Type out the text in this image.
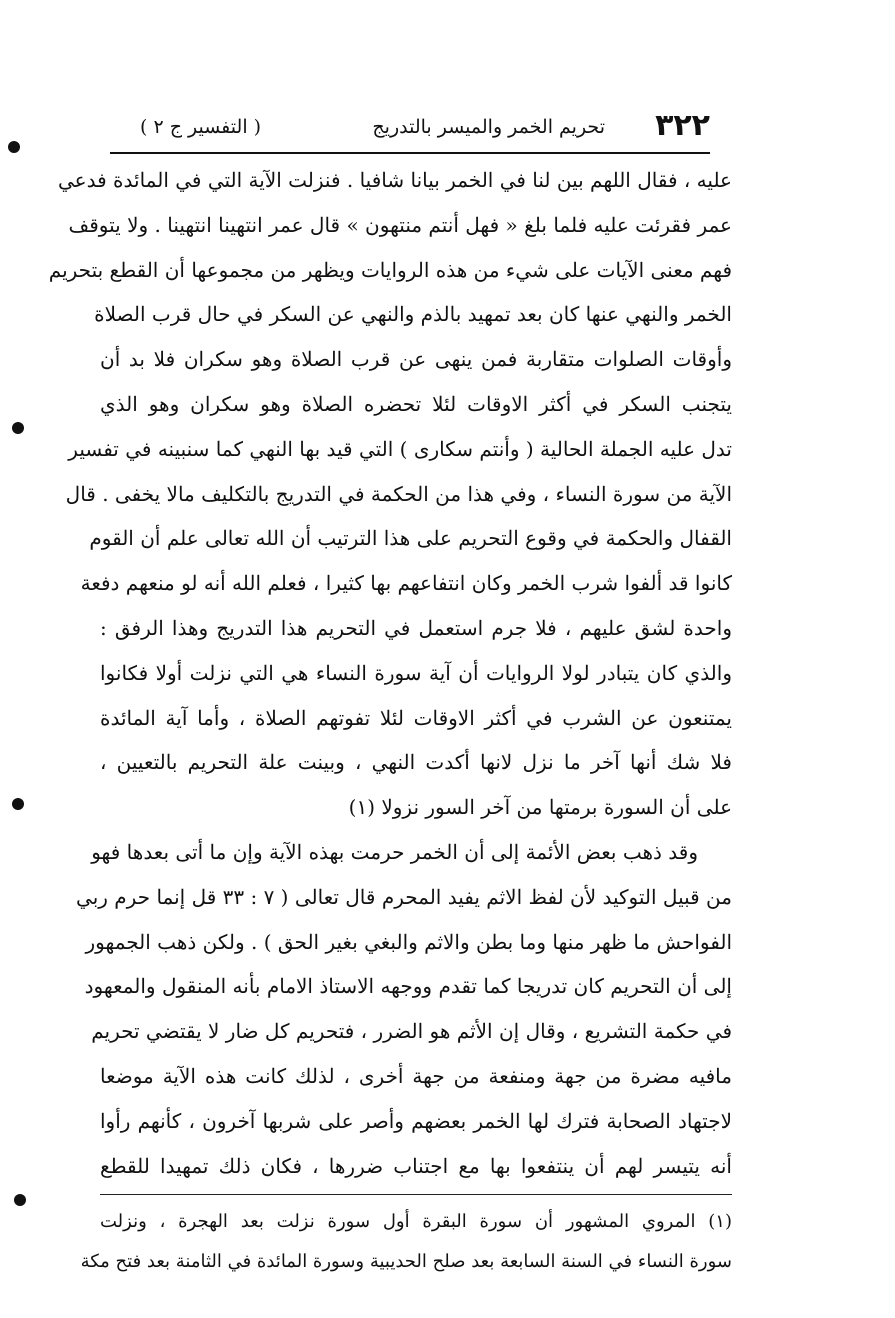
٣٢٢
تحريم الخمر والميسر بالتدريج
( التفسير ج ٢ )
عليه ، فقال اللهم بين لنا في الخمر بيانا شافيا . فنزلت الآية التي في المائدة فدعي
عمر فقرئت عليه فلما بلغ « فهل أنتم منتهون » قال عمر انتهينا انتهينا . ولا يتوقف
فهم معنى الآيات على شيء من هذه الروايات ويظهر من مجموعها أن القطع بتحريم
الخمر والنهي عنها كان بعد تمهيد بالذم والنهي عن السكر في حال قرب الصلاة
وأوقات الصلوات متقاربة فمن ينهى عن قرب الصلاة وهو سكران فلا بد أن
يتجنب السكر في أكثر الاوقات لئلا تحضره الصلاة وهو سكران وهو الذي
تدل عليه الجملة الحالية ( وأنتم سكارى ) التي قيد بها النهي كما سنبينه في تفسير
الآية من سورة النساء ، وفي هذا من الحكمة في التدريج بالتكليف مالا يخفى . قال
القفال والحكمة في وقوع التحريم على هذا الترتيب أن الله تعالى علم أن القوم
كانوا قد ألفوا شرب الخمر وكان انتفاعهم بها كثيرا ، فعلم الله أنه لو منعهم دفعة
واحدة لشق عليهم ، فلا جرم استعمل في التحريم هذا التدريج وهذا الرفق :
والذي كان يتبادر لولا الروايات أن آية سورة النساء هي التي نزلت أولا فكانوا
يمتنعون عن الشرب في أكثر الاوقات لئلا تفوتهم الصلاة ، وأما آية المائدة
فلا شك أنها آخر ما نزل لانها أكدت النهي ، وبينت علة التحريم بالتعيين ،
على أن السورة برمتها من آخر السور نزولا (١)
وقد ذهب بعض الأئمة إلى أن الخمر حرمت بهذه الآية وإن ما أتى بعدها فهو
من قبيل التوكيد لأن لفظ الاثم يفيد المحرم قال تعالى ( ٧ : ٣٣ قل إنما حرم ربي
الفواحش ما ظهر منها وما بطن والاثم والبغي بغير الحق ) . ولكن ذهب الجمهور
إلى أن التحريم كان تدريجا كما تقدم ووجهه الاستاذ الامام بأنه المنقول والمعهود
في حكمة التشريع ، وقال إن الأثم هو الضرر ، فتحريم كل ضار لا يقتضي تحريم
مافيه مضرة من جهة ومنفعة من جهة أخرى ، لذلك كانت هذه الآية موضعا
لاجتهاد الصحابة فترك لها الخمر بعضهم وأصر على شربها آخرون ، كأنهم رأوا
أنه يتيسر لهم أن ينتفعوا بها مع اجتناب ضررها ، فكان ذلك تمهيدا للقطع
(١) المروي المشهور أن سورة البقرة أول سورة نزلت بعد الهجرة ، ونزلت
سورة النساء في السنة السابعة بعد صلح الحديبية وسورة المائدة في الثامنة بعد فتح مكة
